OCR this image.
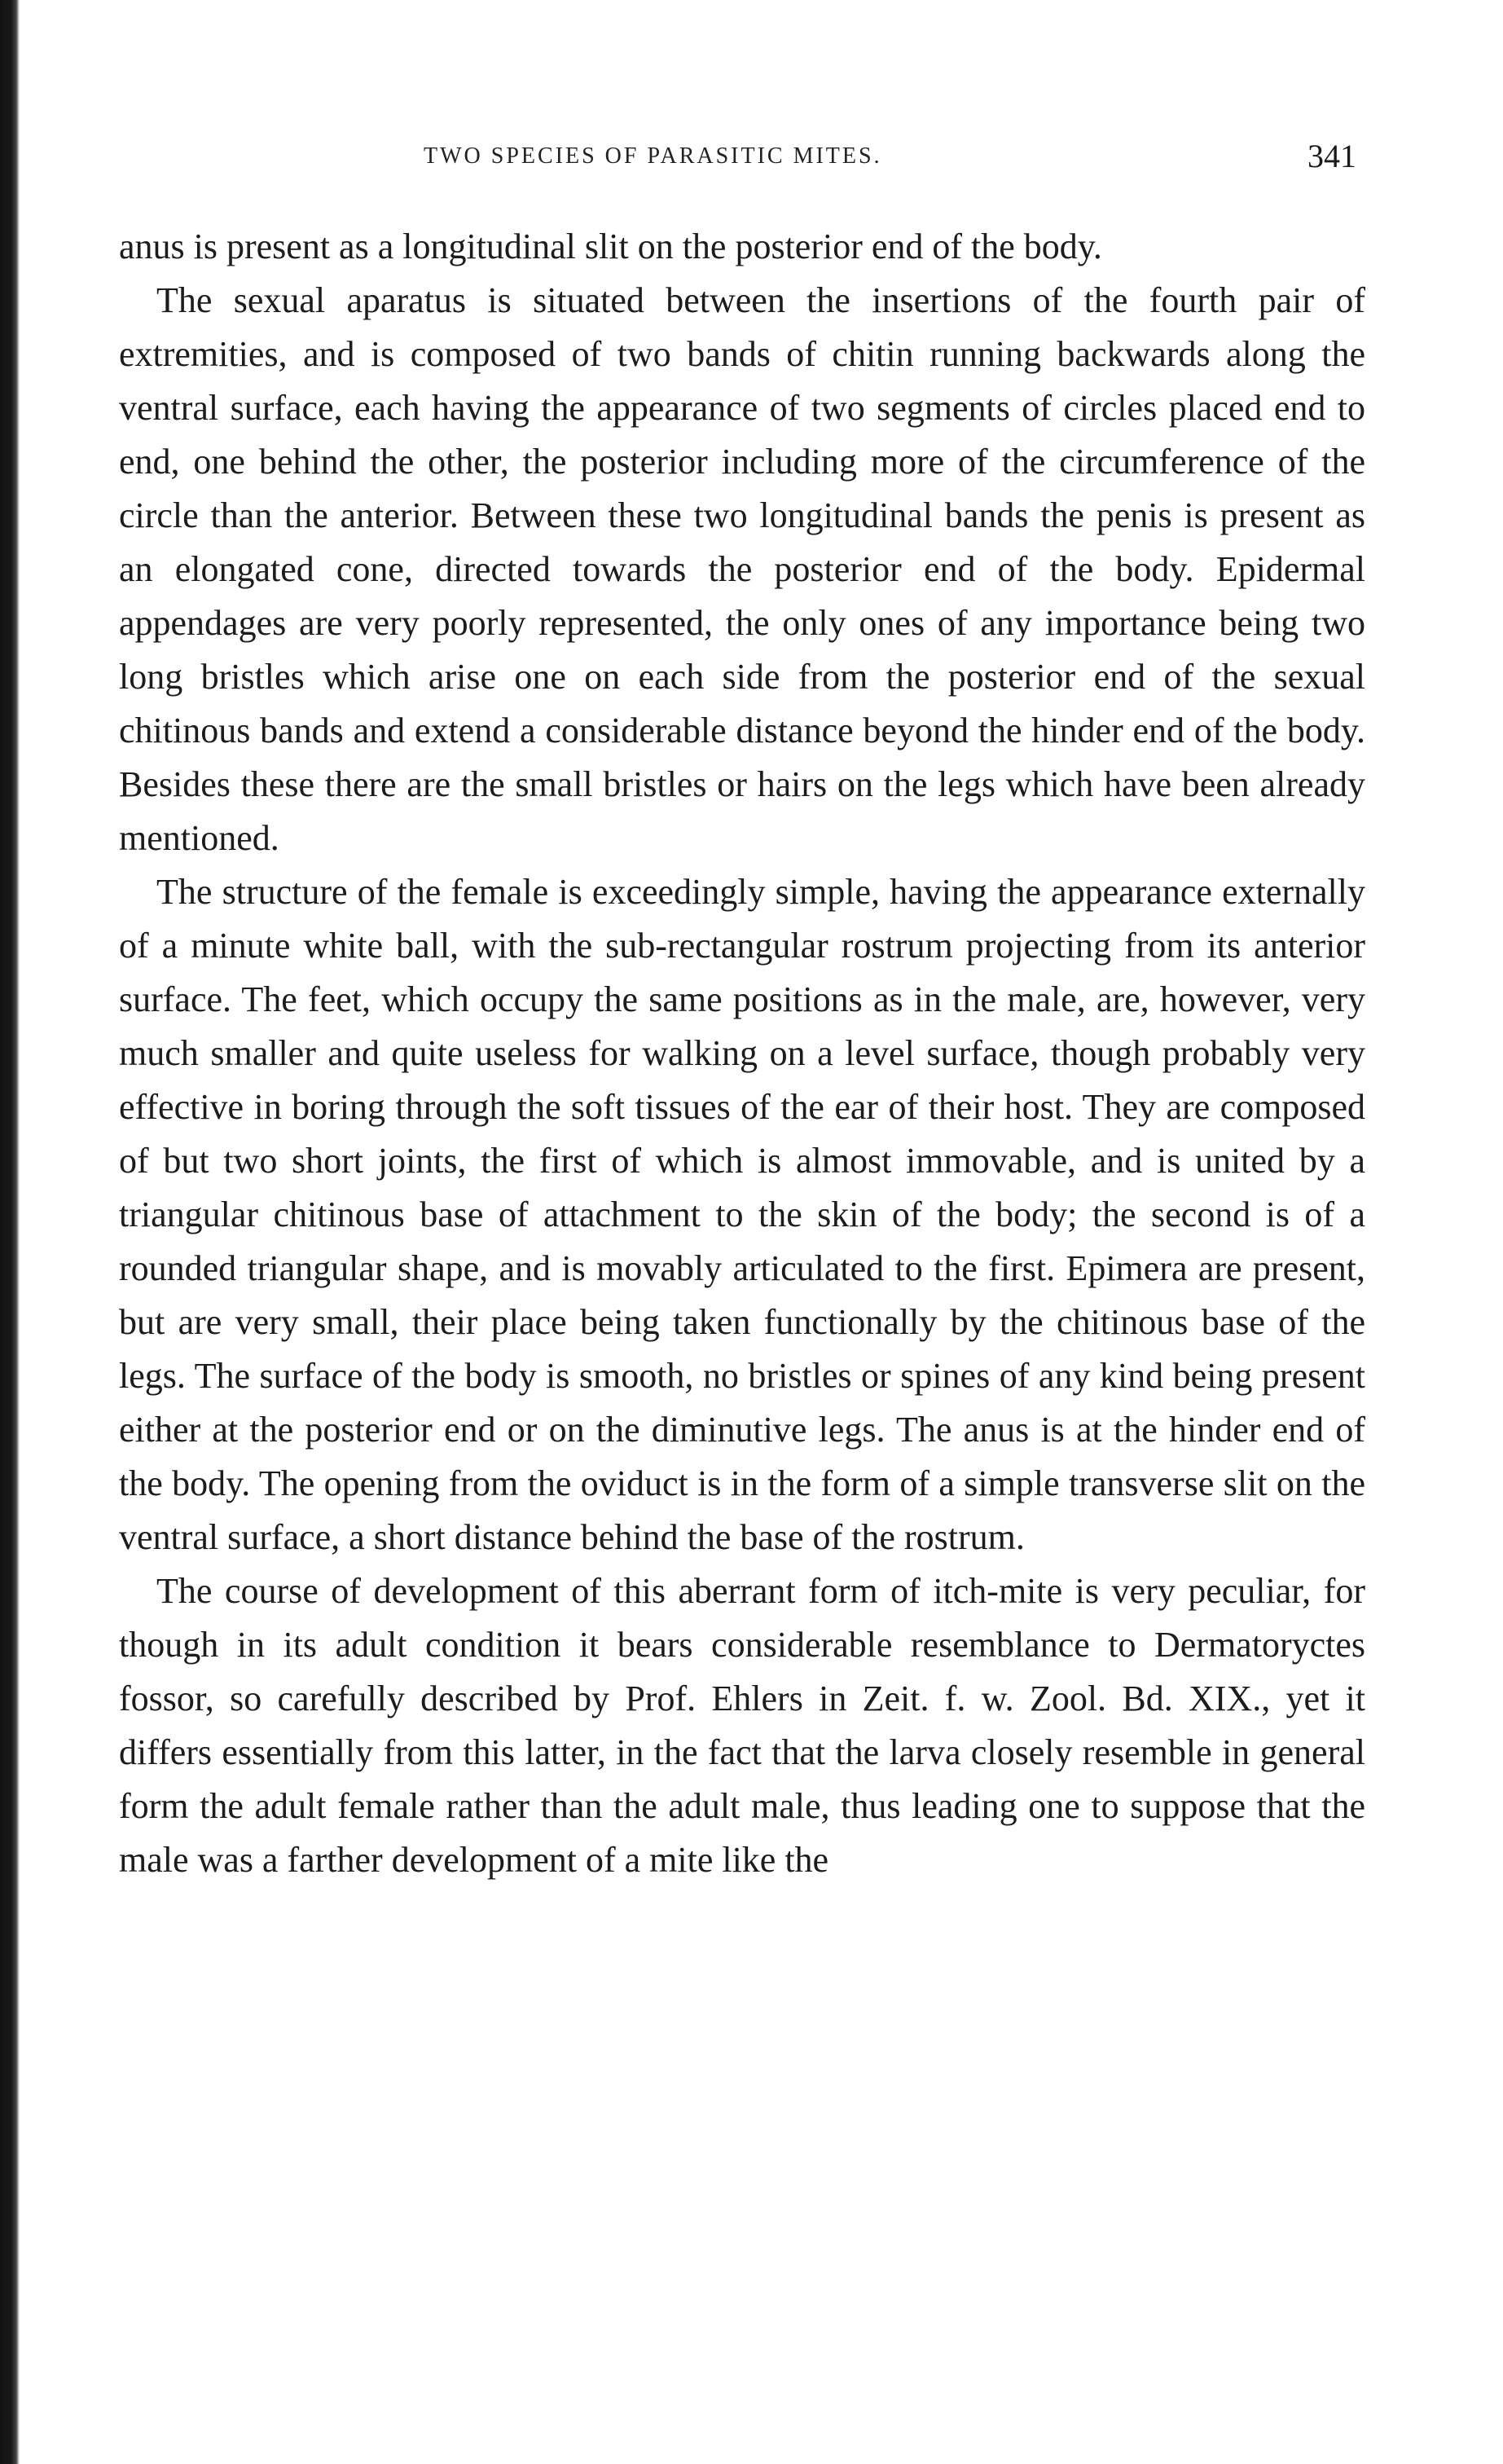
TWO SPECIES OF PARASITIC MITES.	341

anus is present as a longitudinal slit on the posterior end of the body.

The sexual aparatus is situated between the insertions of the fourth pair of extremities, and is composed of two bands of chitin running backwards along the ventral surface, each having the appearance of two segments of circles placed end to end, one behind the other, the posterior including more of the circumference of the circle than the anterior. Between these two longitudinal bands the penis is present as an elongated cone, directed towards the posterior end of the body. Epidermal appendages are very poorly represented, the only ones of any importance being two long bristles which arise one on each side from the posterior end of the sexual chitinous bands and extend a considerable distance beyond the hinder end of the body. Besides these there are the small bristles or hairs on the legs which have been already mentioned.

The structure of the female is exceedingly simple, having the appearance externally of a minute white ball, with the sub-rectangular rostrum projecting from its anterior surface. The feet, which occupy the same positions as in the male, are, however, very much smaller and quite useless for walking on a level surface, though probably very effective in boring through the soft tissues of the ear of their host. They are composed of but two short joints, the first of which is almost immovable, and is united by a triangular chitinous base of attachment to the skin of the body; the second is of a rounded triangular shape, and is movably articulated to the first. Epimera are present, but are very small, their place being taken functionally by the chitinous base of the legs. The surface of the body is smooth, no bristles or spines of any kind being present either at the posterior end or on the diminutive legs. The anus is at the hinder end of the body. The opening from the oviduct is in the form of a simple transverse slit on the ventral surface, a short distance behind the base of the rostrum.

The course of development of this aberrant form of itch-mite is very peculiar, for though in its adult condition it bears considerable resemblance to Dermatoryctes fossor, so carefully described by Prof. Ehlers in Zeit. f. w. Zool. Bd. XIX., yet it differs essentially from this latter, in the fact that the larva closely resemble in general form the adult female rather than the adult male, thus leading one to suppose that the male was a farther development of a mite like the
